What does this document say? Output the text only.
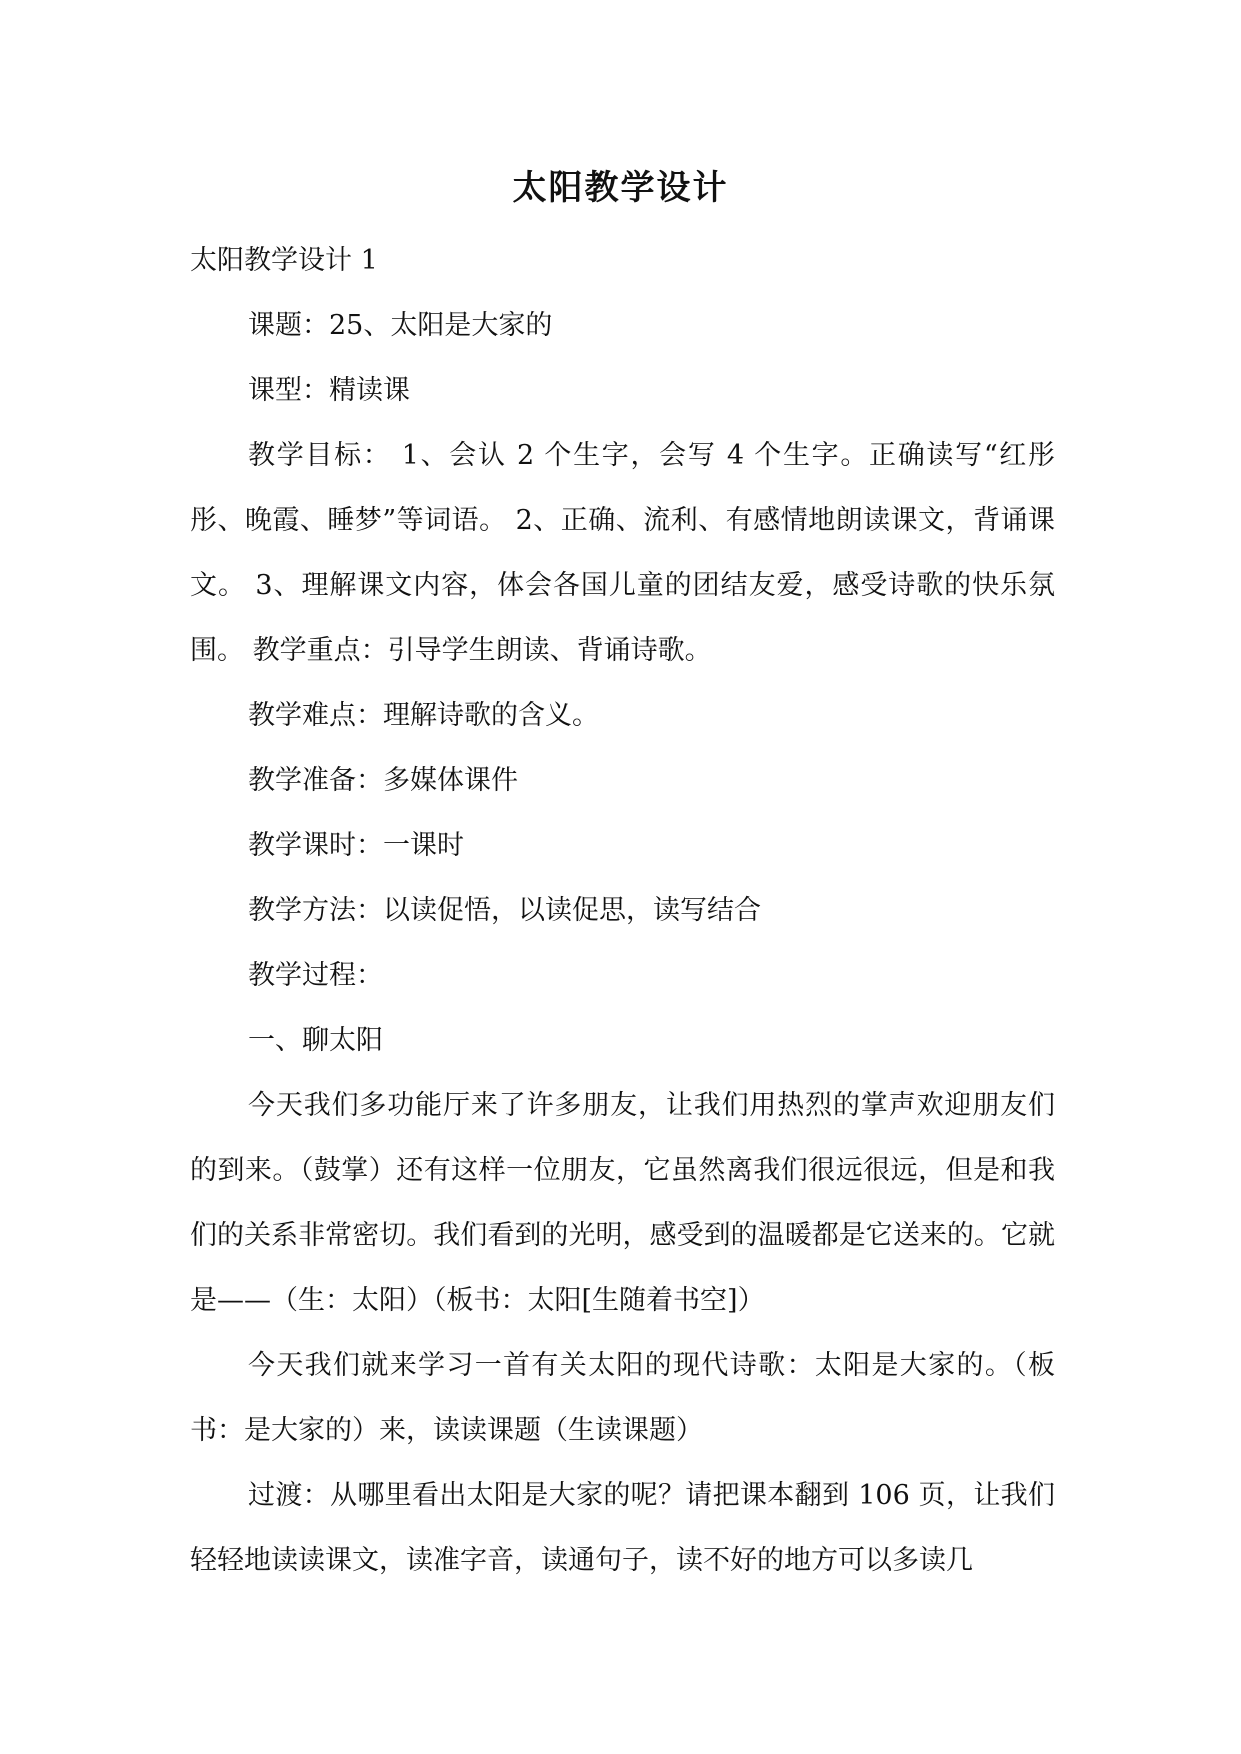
太阳教学设计

太阳教学设计 1

课题：25、太阳是大家的

课型：精读课

教学目标： 1、会认 2 个生字，会写 4 个生字。正确读写“红彤彤、晚霞、睡梦”等词语。 2、正确、流利、有感情地朗读课文，背诵课文。 3、理解课文内容，体会各国儿童的团结友爱，感受诗歌的快乐氛围。 教学重点：引导学生朗读、背诵诗歌。

教学难点：理解诗歌的含义。

教学准备：多媒体课件

教学课时：一课时

教学方法：以读促悟，以读促思，读写结合

教学过程：

一、聊太阳

今天我们多功能厅来了许多朋友，让我们用热烈的掌声欢迎朋友们的到来。（鼓掌）还有这样一位朋友，它虽然离我们很远很远，但是和我们的关系非常密切。我们看到的光明，感受到的温暖都是它送来的。它就是——（生：太阳）（板书：太阳[生随着书空]）

今天我们就来学习一首有关太阳的现代诗歌：太阳是大家的。（板书：是大家的）来，读读课题（生读课题）

过渡：从哪里看出太阳是大家的呢？请把课本翻到 106 页，让我们轻轻地读读课文，读准字音，读通句子，读不好的地方可以多读几
